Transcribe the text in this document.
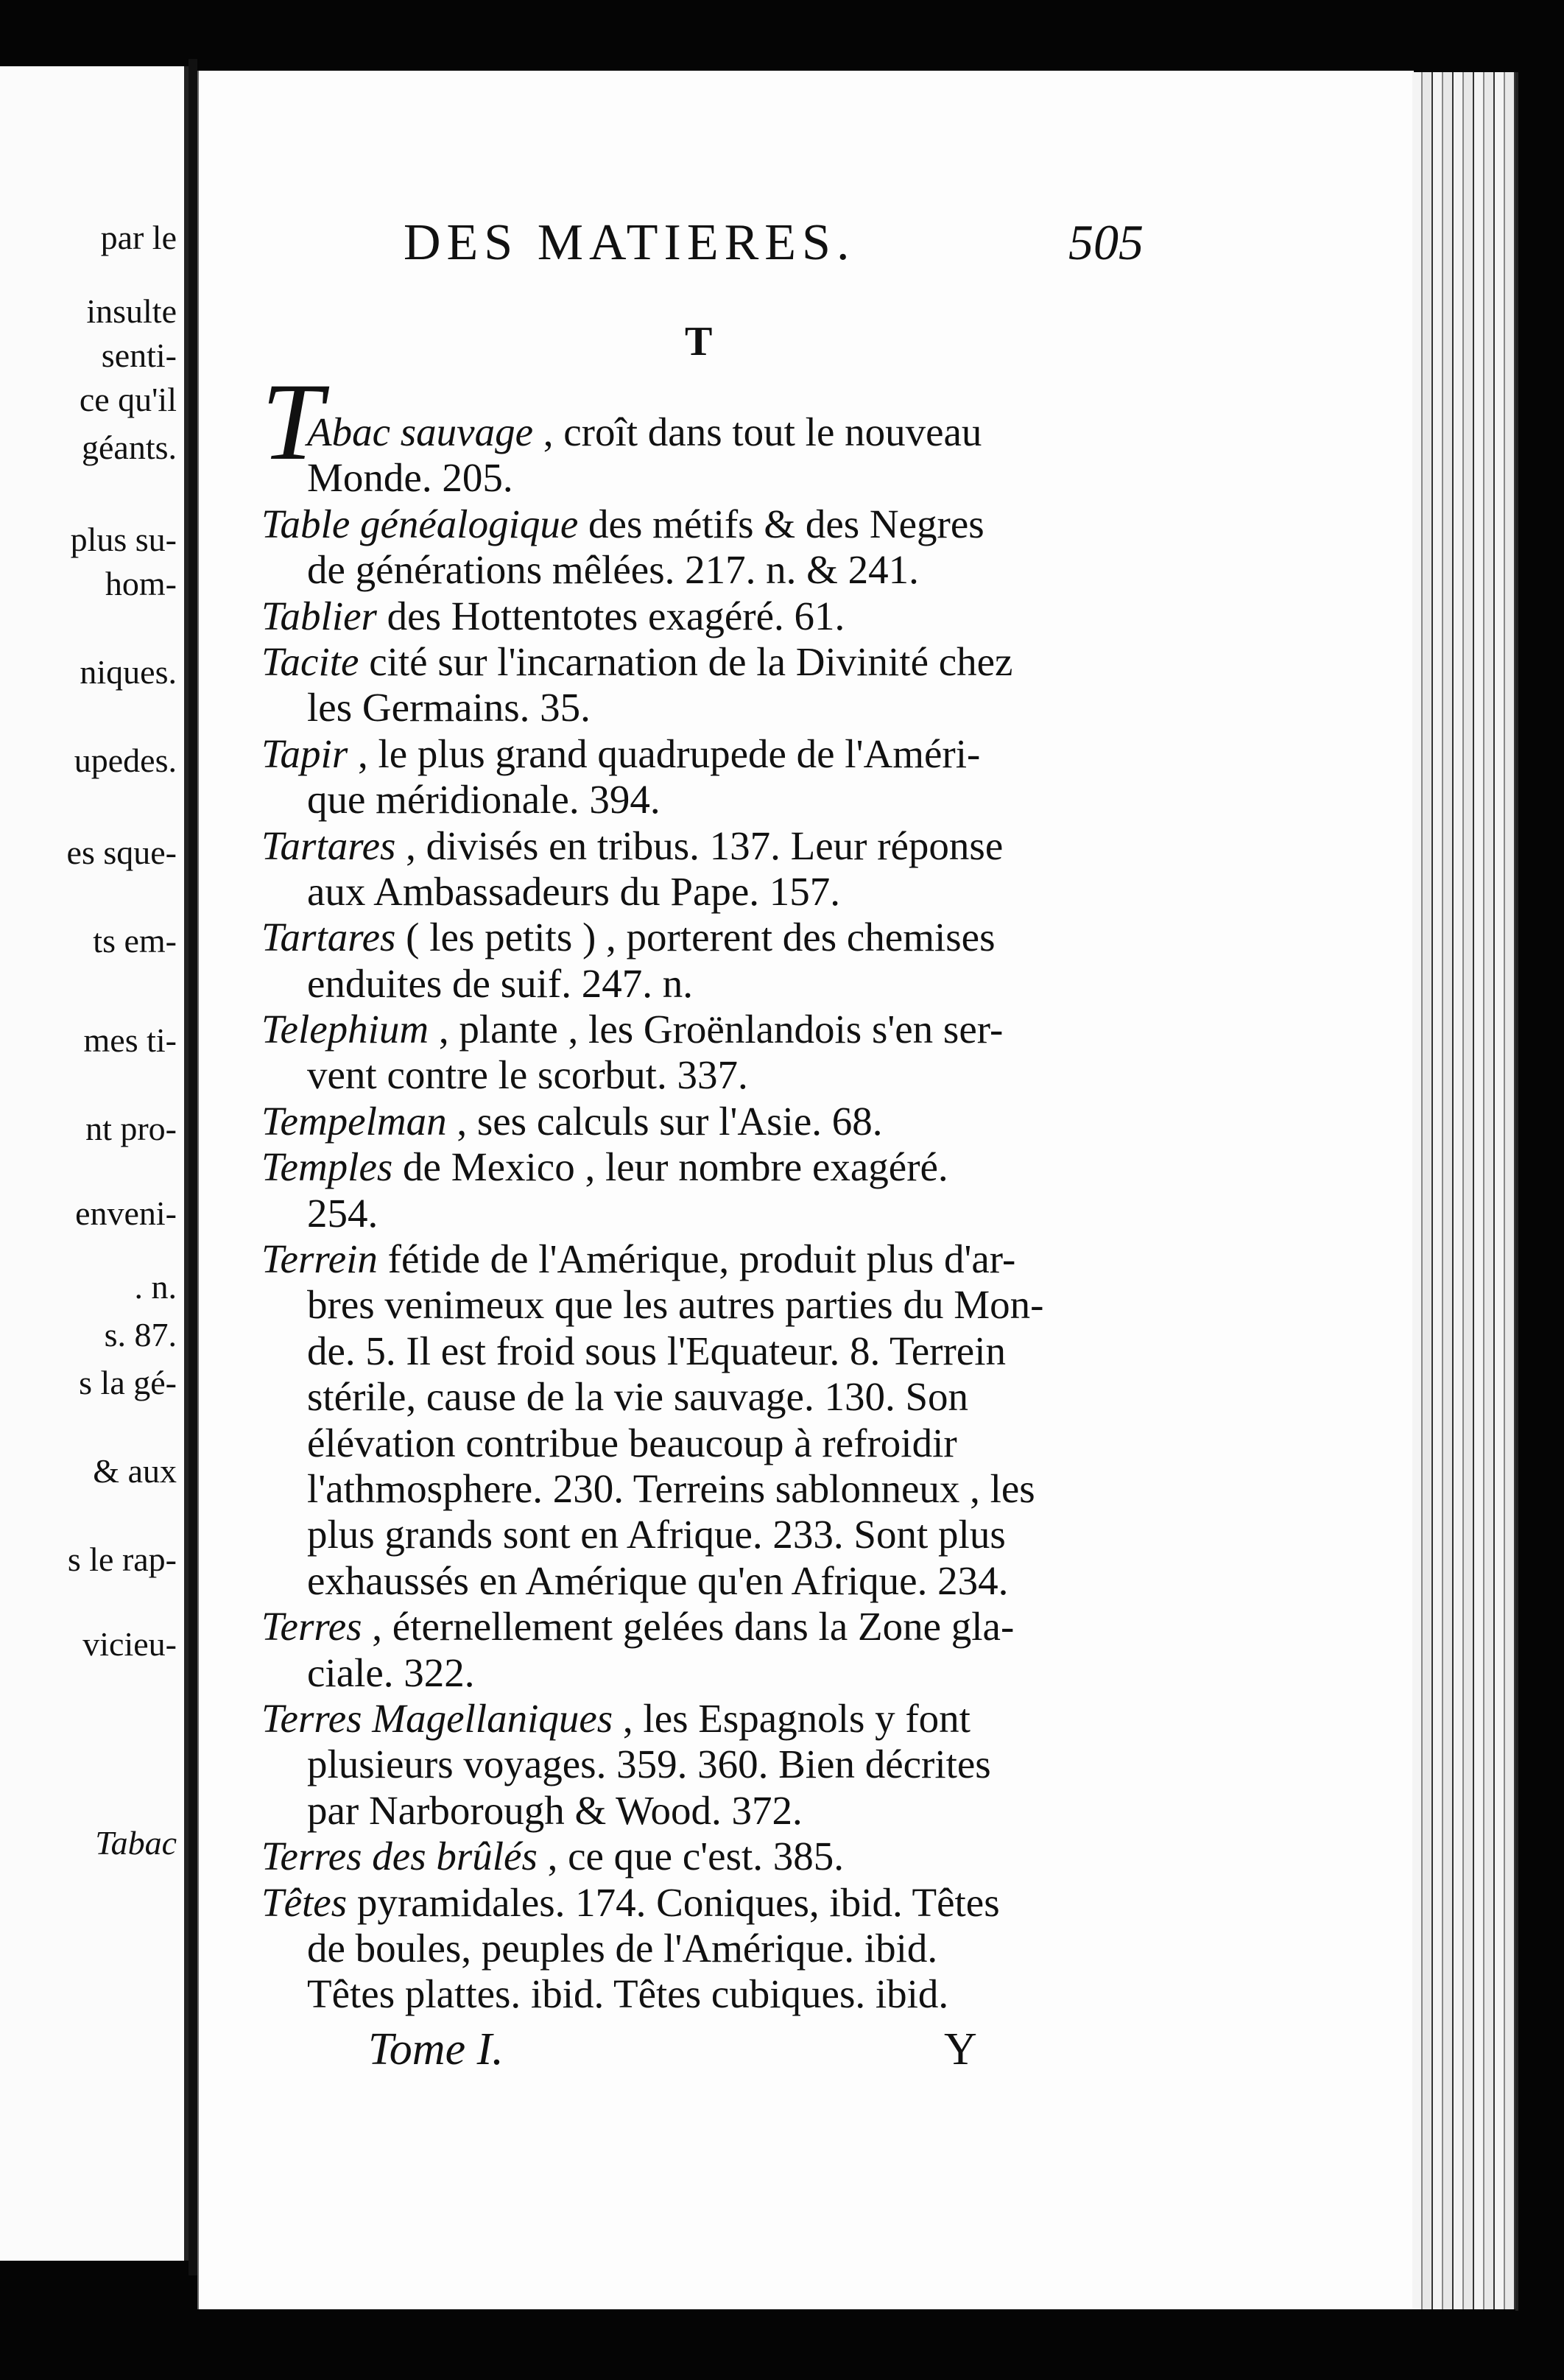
par le
insulte
senti-
ce qu'il
géants.
plus su-
hom-
niques.
upedes.
es sque-
ts em-
mes ti-
nt pro-
enveni-
. n.
s. 87.
s la gé-
& aux
s le rap-
vicieu-
Tabac
DES MATIERES.	505
T
T
Abac sauvage , croît dans tout le nouveau
Monde. 205.
Table généalogique des métifs & des Negres
de générations mêlées. 217. n. & 241.
Tablier des Hottentotes exagéré. 61.
Tacite cité sur l'incarnation de la Divinité chez
les Germains. 35.
Tapir , le plus grand quadrupede de l'Améri-
que méridionale. 394.
Tartares , divisés en tribus. 137. Leur réponse
aux Ambassadeurs du Pape. 157.
Tartares ( les petits ) , porterent des chemises
enduites de suif. 247. n.
Telephium , plante , les Groënlandois s'en ser-
vent contre le scorbut. 337.
Tempelman , ses calculs sur l'Asie. 68.
Temples de Mexico , leur nombre exagéré.
254.
Terrein fétide de l'Amérique, produit plus d'ar-
bres venimeux que les autres parties du Mon-
de. 5. Il est froid sous l'Equateur. 8. Terrein
stérile, cause de la vie sauvage. 130. Son
élévation contribue beaucoup à refroidir
l'athmosphere. 230. Terreins sablonneux , les
plus grands sont en Afrique. 233. Sont plus
exhaussés en Amérique qu'en Afrique. 234.
Terres , éternellement gelées dans la Zone gla-
ciale. 322.
Terres Magellaniques , les Espagnols y font
plusieurs voyages. 359. 360. Bien décrites
par Narborough & Wood. 372.
Terres des brûlés , ce que c'est. 385.
Têtes pyramidales. 174. Coniques, ibid. Têtes
de boules, peuples de l'Amérique. ibid.
Têtes plattes. ibid. Têtes cubiques. ibid.
Tome I.	Y
